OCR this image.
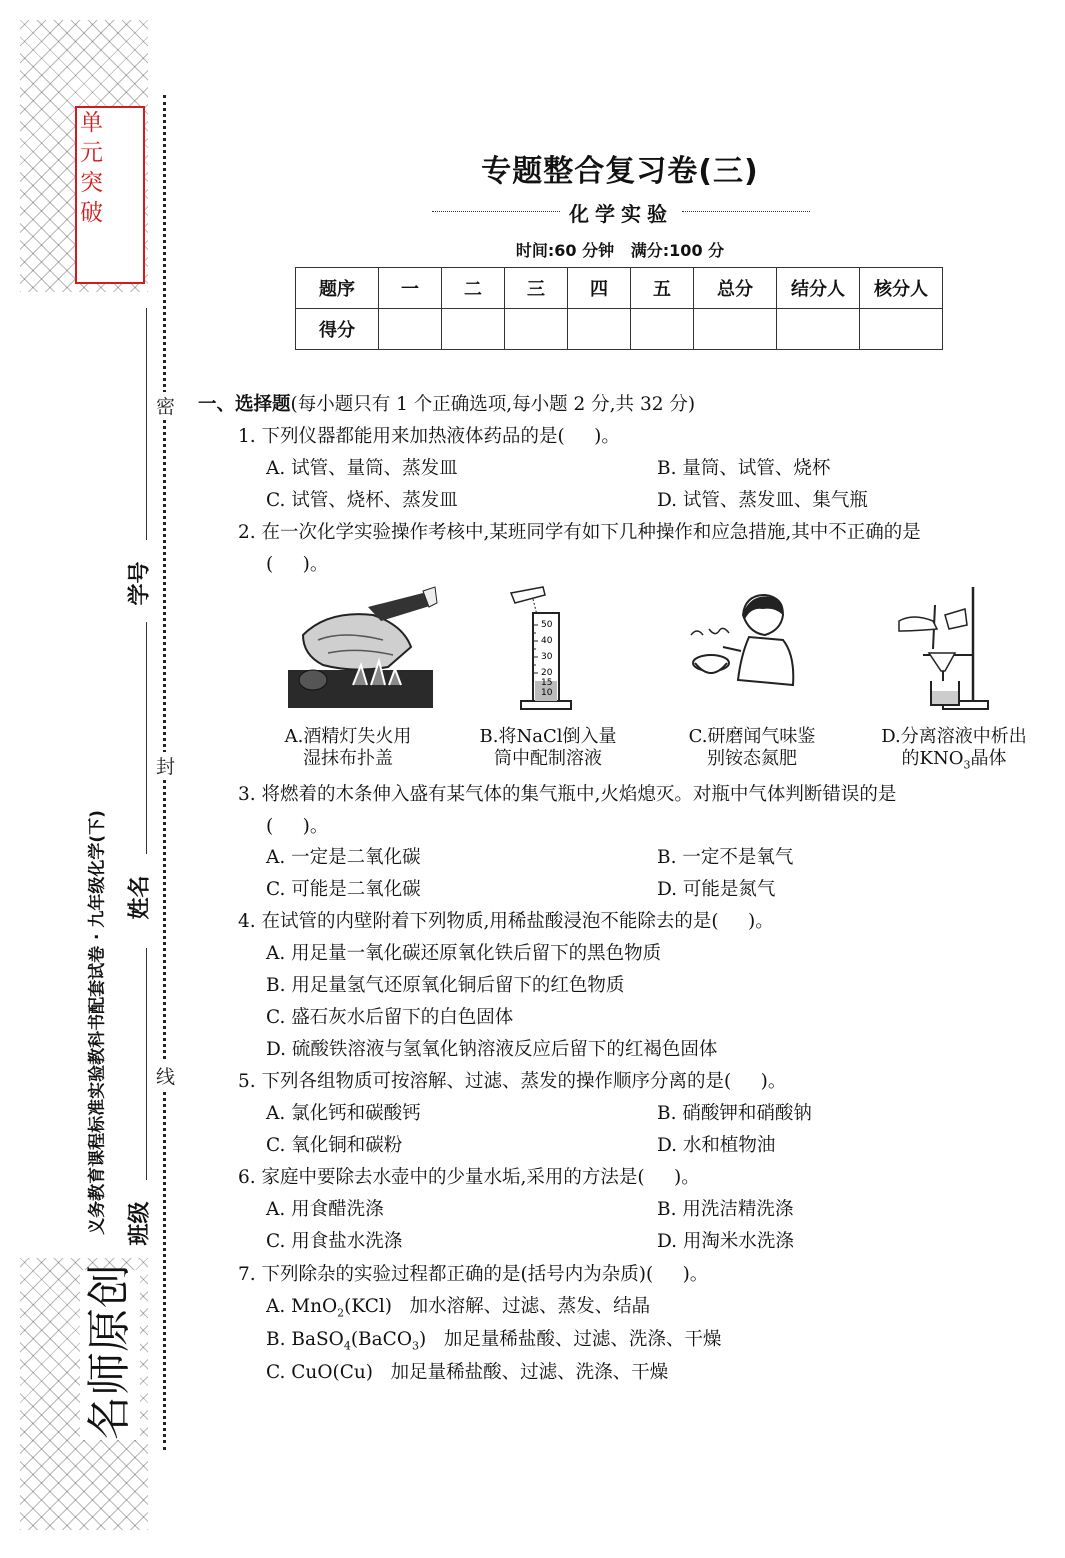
单
元
突
破
密
封
线
学号
姓名
班级
义务教育课程标准实验教科书配套试卷 · 九年级化学(下)
名师原创
专题整合复习卷(三)
化学实验
时间:60 分钟   满分:100 分
题序	一	二	三	四	五	总分	结分人	核分人
得分								
一、选择题(每小题只有 1 个正确选项,每小题 2 分,共 32 分)
1. 下列仪器都能用来加热液体药品的是(     )。
A. 试管、量筒、蒸发皿	B. 量筒、试管、烧杯
C. 试管、烧杯、蒸发皿	D. 试管、蒸发皿、集气瓶
2. 在一次化学实验操作考核中,某班同学有如下几种操作和应急措施,其中不正确的是
(     )。
50
40
30
20
15
10
A.酒精灯失火用
湿抹布扑盖
B.将NaCl倒入量
筒中配制溶液
C.研磨闻气味鉴
别铵态氮肥
D.分离溶液中析出
的$KNO_3$晶体
3. 将燃着的木条伸入盛有某气体的集气瓶中,火焰熄灭。对瓶中气体判断错误的是
(     )。
A. 一定是二氧化碳	B. 一定不是氧气
C. 可能是二氧化碳	D. 可能是氮气
4. 在试管的内壁附着下列物质,用稀盐酸浸泡不能除去的是(     )。
A. 用足量一氧化碳还原氧化铁后留下的黑色物质
B. 用足量氢气还原氧化铜后留下的红色物质
C. 盛石灰水后留下的白色固体
D. 硫酸铁溶液与氢氧化钠溶液反应后留下的红褐色固体
5. 下列各组物质可按溶解、过滤、蒸发的操作顺序分离的是(     )。
A. 氯化钙和碳酸钙	B. 硝酸钾和硝酸钠
C. 氧化铜和碳粉	D. 水和植物油
6. 家庭中要除去水壶中的少量水垢,采用的方法是(     )。
A. 用食醋洗涤	B. 用洗洁精洗涤
C. 用食盐水洗涤	D. 用淘米水洗涤
7. 下列除杂的实验过程都正确的是(括号内为杂质)(     )。
A. MnO$_2$(KCl)   加水溶解、过滤、蒸发、结晶
B. BaSO$_4$(BaCO$_3$)   加足量稀盐酸、过滤、洗涤、干燥
C. CuO(Cu)   加足量稀盐酸、过滤、洗涤、干燥
